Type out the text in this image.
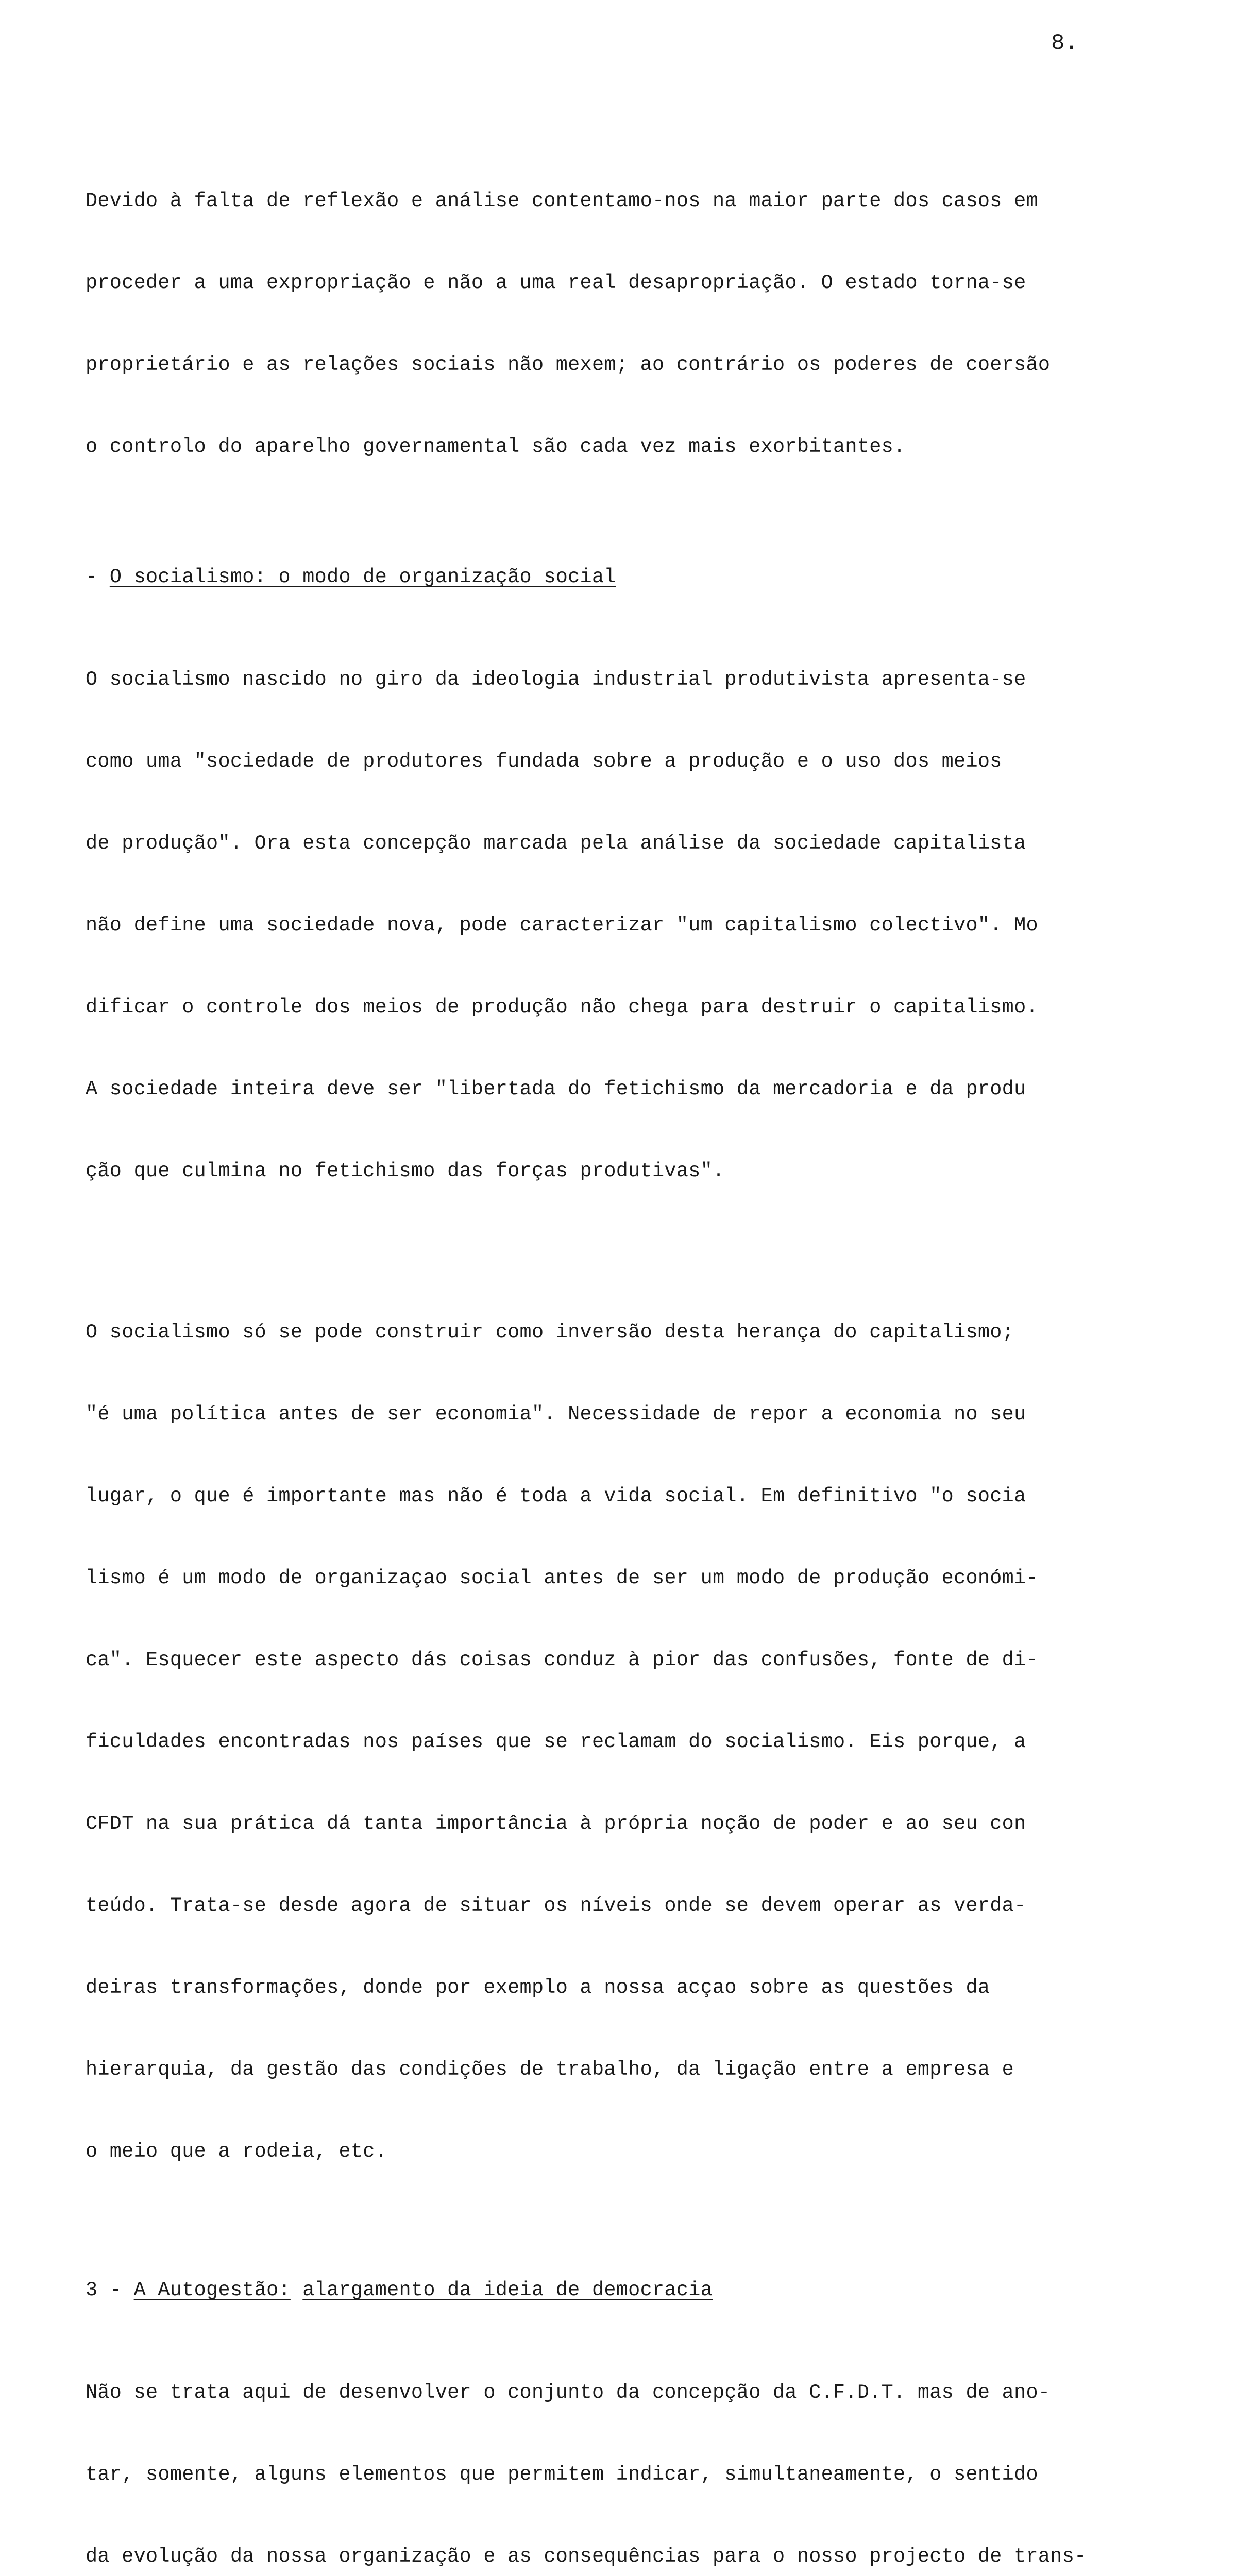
8.

Devido à falta de reflexão e análise contentamo-nos na maior parte dos casos em

proceder a uma expropriação e não a uma real desapropriação. O estado torna-se

proprietário e as relações sociais não mexem; ao contrário os poderes de coersão

o controlo do aparelho governamental são cada vez mais exorbitantes.

- O socialismo: o modo de organização social

O socialismo nascido no giro da ideologia industrial produtivista apresenta-se

como uma "sociedade de produtores fundada sobre a produção e o uso dos meios

de produção". Ora esta concepção marcada pela análise da sociedade capitalista

não define uma sociedade nova, pode caracterizar "um capitalismo colectivo". Mo

dificar o controle dos meios de produção não chega para destruir o capitalismo.

A sociedade inteira deve ser "libertada do fetichismo da mercadoria e da produ

ção que culmina no fetichismo das forças produtivas".

O socialismo só se pode construir como inversão desta herança do capitalismo;

"é uma política antes de ser economia". Necessidade de repor a economia no seu

lugar, o que é importante mas não é toda a vida social. Em definitivo "o socia

lismo é um modo de organizaçao social antes de ser um modo de produção económi-

ca". Esquecer este aspecto dás coisas conduz à pior das confusões, fonte de di-

ficuldades encontradas nos países que se reclamam do socialismo. Eis porque, a

CFDT na sua prática dá tanta importância à própria noção de poder e ao seu con

teúdo. Trata-se desde agora de situar os níveis onde se devem operar as verda-

deiras transformações, donde por exemplo a nossa acçao sobre as questões da

hierarquia, da gestão das condições de trabalho, da ligação entre a empresa e

o meio que a rodeia, etc.

3 - A Autogestão: alargamento da ideia de democracia

Não se trata aqui de desenvolver o conjunto da concepção da C.F.D.T. mas de ano-

tar, somente, alguns elementos que permitem indicar, simultaneamente, o sentido

da evolução da nossa organização e as consequências para o nosso projecto de trans-
